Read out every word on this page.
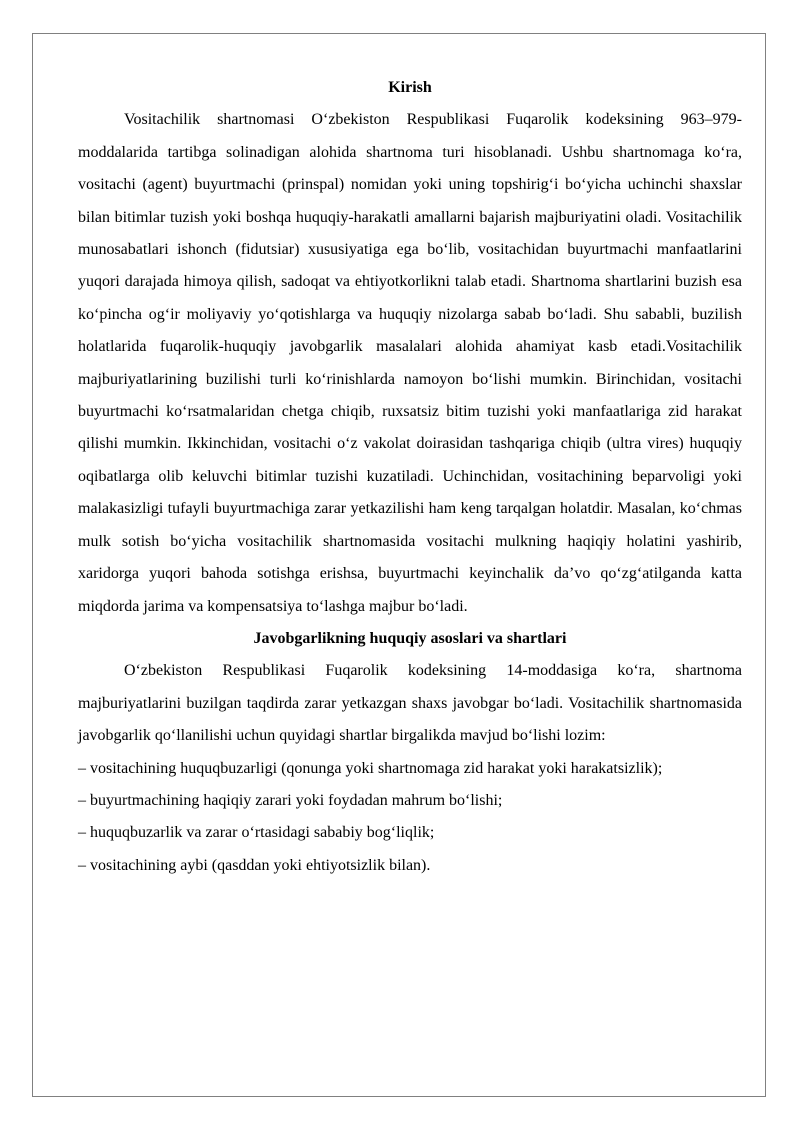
Kirish

Vositachilik shartnomasi O‘zbekiston Respublikasi Fuqarolik kodeksining 963–979-moddalarida tartibga solinadigan alohida shartnoma turi hisoblanadi. Ushbu shartnomaga ko‘ra, vositachi (agent) buyurtmachi (prinspal) nomidan yoki uning topshirig‘i bo‘yicha uchinchi shaxslar bilan bitimlar tuzish yoki boshqa huquqiy-harakatli amallarni bajarish majburiyatini oladi. Vositachilik munosabatlari ishonch (fidutsiar) xususiyatiga ega bo‘lib, vositachidan buyurtmachi manfaatlarini yuqori darajada himoya qilish, sadoqat va ehtiyotkorlikni talab etadi. Shartnoma shartlarini buzish esa ko‘pincha og‘ir moliyaviy yo‘qotishlarga va huquqiy nizolarga sabab bo‘ladi. Shu sababli, buzilish holatlarida fuqarolik-huquqiy javobgarlik masalalari alohida ahamiyat kasb etadi.Vositachilik majburiyatlarining buzilishi turli ko‘rinishlarda namoyon bo‘lishi mumkin. Birinchidan, vositachi buyurtmachi ko‘rsatmalaridan chetga chiqib, ruxsatsiz bitim tuzishi yoki manfaatlariga zid harakat qilishi mumkin. Ikkinchidan, vositachi o‘z vakolat doirasidan tashqariga chiqib (ultra vires) huquqiy oqibatlarga olib keluvchi bitimlar tuzishi kuzatiladi. Uchinchidan, vositachining beparvoligi yoki malakasizligi tufayli buyurtmachiga zarar yetkazilishi ham keng tarqalgan holatdir. Masalan, ko‘chmas mulk sotish bo‘yicha vositachilik shartnomasida vositachi mulkning haqiqiy holatini yashirib, xaridorga yuqori bahoda sotishga erishsa, buyurtmachi keyinchalik da’vo qo‘zg‘atilganda katta miqdorda jarima va kompensatsiya to‘lashga majbur bo‘ladi.

Javobgarlikning huquqiy asoslari va shartlari

O‘zbekiston Respublikasi Fuqarolik kodeksining 14-moddasiga ko‘ra, shartnoma majburiyatlarini buzilgan taqdirda zarar yetkazgan shaxs javobgar bo‘ladi. Vositachilik shartnomasida javobgarlik qo‘llanilishi uchun quyidagi shartlar birgalikda mavjud bo‘lishi lozim:

– vositachining huquqbuzarligi (qonunga yoki shartnomaga zid harakat yoki harakatsizlik);

– buyurtmachining haqiqiy zarari yoki foydadan mahrum bo‘lishi;

– huquqbuzarlik va zarar o‘rtasidagi sababiy bog‘liqlik;

– vositachining aybi (qasddan yoki ehtiyotsizlik bilan).
